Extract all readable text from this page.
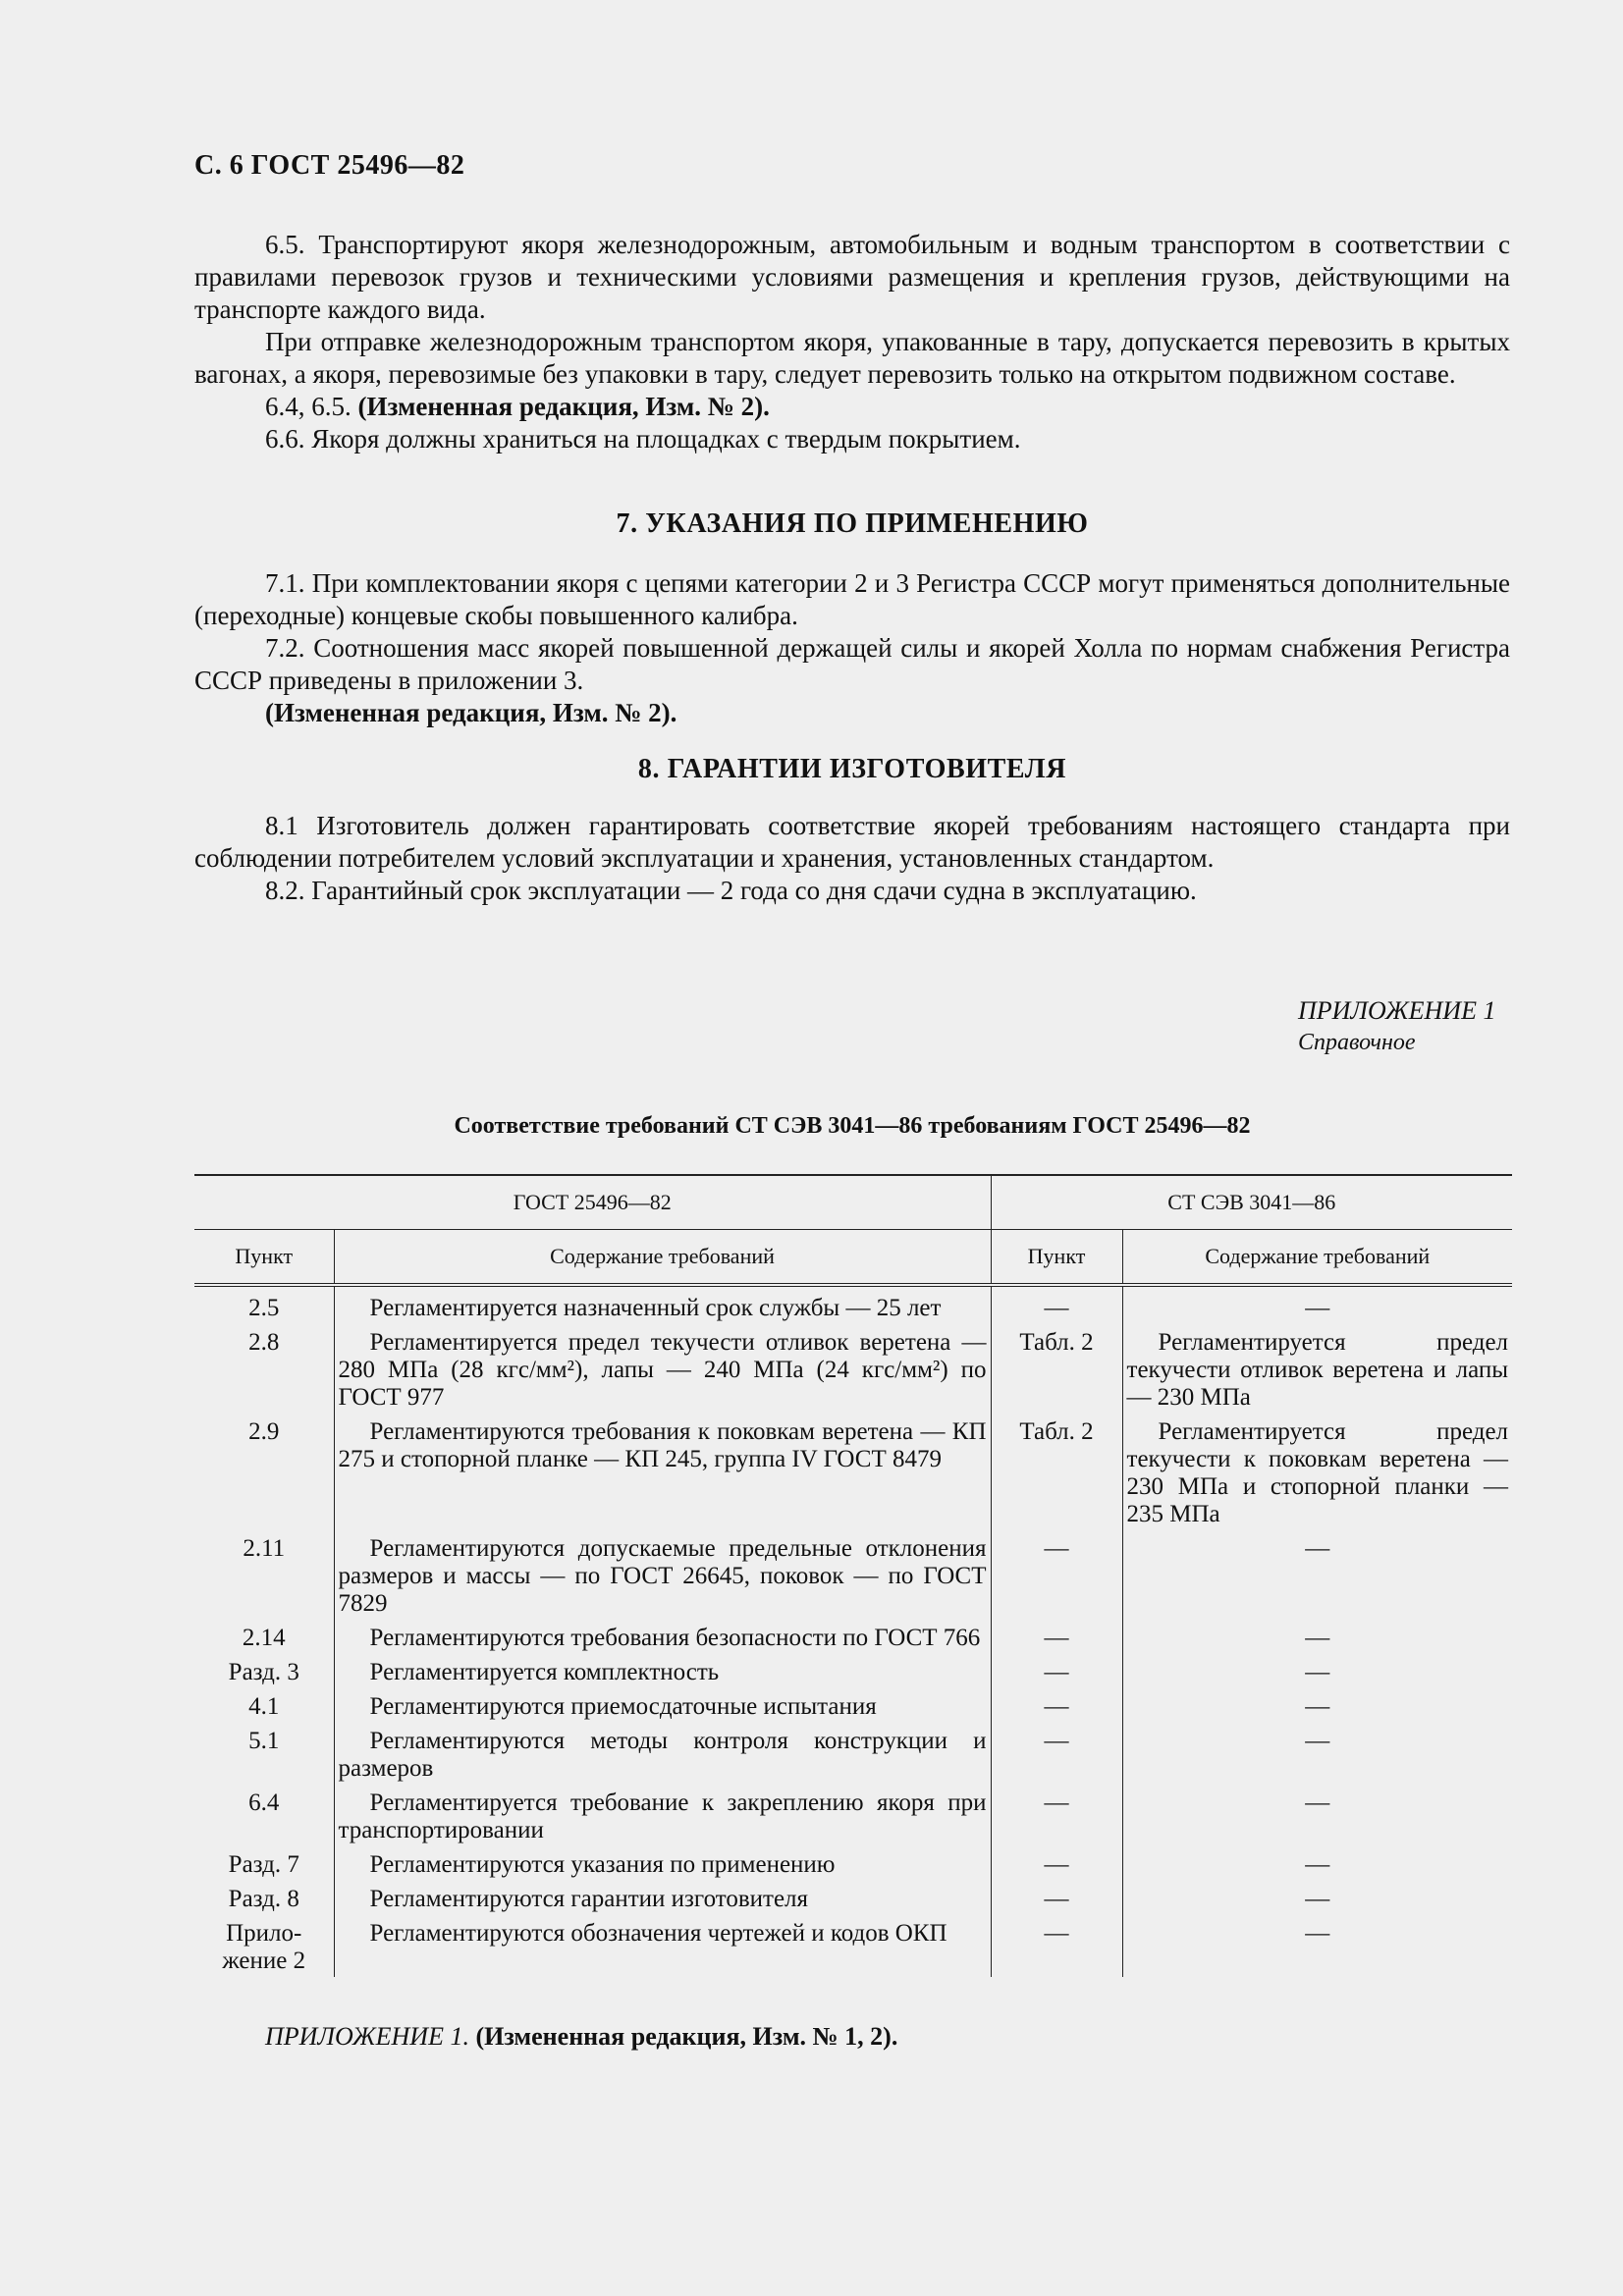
С. 6 ГОСТ 25496—82

6.5. Транспортируют якоря железнодорожным, автомобильным и водным транспортом в соответствии с правилами перевозок грузов и техническими условиями размещения и крепления грузов, действующими на транспорте каждого вида.

При отправке железнодорожным транспортом якоря, упакованные в тару, допускается перевозить в крытых вагонах, а якоря, перевозимые без упаковки в тару, следует перевозить только на открытом подвижном составе.

6.4, 6.5. (Измененная редакция, Изм. № 2).

6.6. Якоря должны храниться на площадках с твердым покрытием.

7. УКАЗАНИЯ ПО ПРИМЕНЕНИЮ

7.1. При комплектовании якоря с цепями категории 2 и 3 Регистра СССР могут применяться дополнительные (переходные) концевые скобы повышенного калибра.

7.2. Соотношения масс якорей повышенной держащей силы и якорей Холла по нормам снабжения Регистра СССР приведены в приложении 3.

(Измененная редакция, Изм. № 2).

8. ГАРАНТИИ ИЗГОТОВИТЕЛЯ

8.1 Изготовитель должен гарантировать соответствие якорей требованиям настоящего стандарта при соблюдении потребителем условий эксплуатации и хранения, установленных стандартом.

8.2. Гарантийный срок эксплуатации — 2 года со дня сдачи судна в эксплуатацию.

ПРИЛОЖЕНИЕ 1
Справочное
Соответствие требований СТ СЭВ 3041—86 требованиям ГОСТ 25496—82
ГОСТ 25496—82		СТ СЭВ 3041—86	
Пункт	Содержание требований	Пункт	Содержание требований
2.5	Регламентируется назначенный срок службы — 25 лет	—	—
2.8	Регламентируется предел текучести отливок веретена — 280 МПа (28 кгс/мм²), лапы — 240 МПа (24 кгс/мм²) по ГОСТ 977	Табл. 2	Регламентируется предел текучести отливок веретена и лапы — 230 МПа
2.9	Регламентируются требования к поковкам веретена — КП 275 и стопорной планке — КП 245, группа IV ГОСТ 8479	Табл. 2	Регламентируется предел текучести к поковкам веретена — 230 МПа и стопорной планки — 235 МПа
2.11	Регламентируются допускаемые предельные отклонения размеров и массы — по ГОСТ 26645, поковок — по ГОСТ 7829	—	—
2.14	Регламентируются требования безопасности по ГОСТ 766	—	—
Разд. 3	Регламентируется комплектность	—	—
4.1	Регламентируются приемосдаточные испытания	—	—
5.1	Регламентируются методы контроля конструкции и размеров	—	—
6.4	Регламентируется требование к закреплению якоря при транспортировании	—	—
Разд. 7	Регламентируются указания по применению	—	—
Разд. 8	Регламентируются гарантии изготовителя	—	—
Прило-жение 2	Регламентируются обозначения чертежей и кодов ОКП	—	—
ПРИЛОЖЕНИЕ 1. (Измененная редакция, Изм. № 1, 2).
